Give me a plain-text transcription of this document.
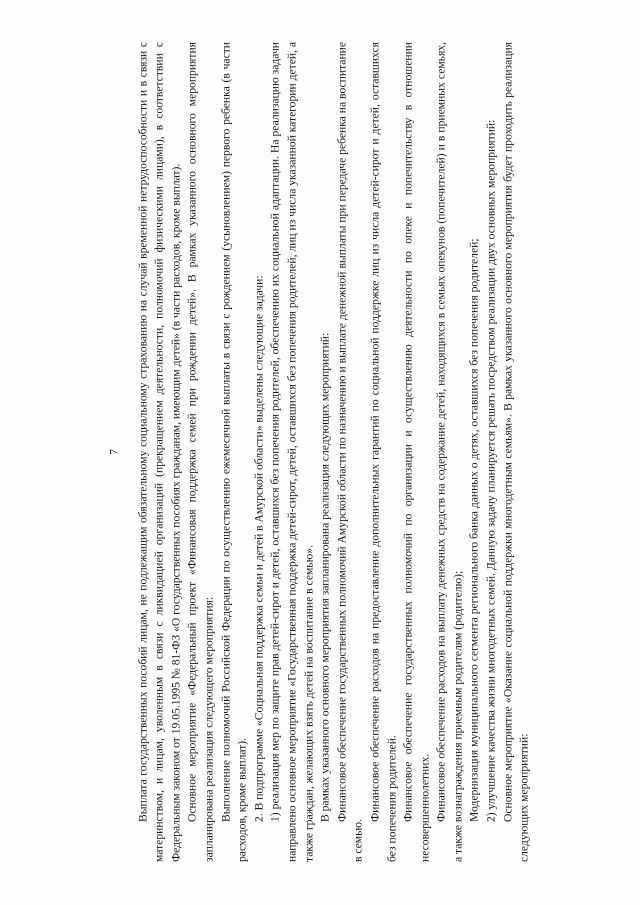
7 Выплата государственных пособий лицам, не подлежащим обязательному социальному страхованию на случай временной нетрудоспособности и в связи с материнством, и лицам, уволенным в связи с ликвидацией организаций (прекращением деятельности, полномочий физическими лицами), в соответствии с Федеральным законом от 19.05.1995 № 81-ФЗ «О государственных пособиях гражданам, имеющим детей» (в части расходов, кроме выплат). Основное мероприятие «Федеральный проект «Финансовая поддержка семей при рождении детей». В рамках указанного основного мероприятия запланирована реализация следующего мероприятия: Выполнение полномочий Российской Федерации по осуществлению ежемесячной выплаты в связи с рождением (усыновлением) первого ребенка (в части расходов, кроме выплат). 2. В подпрограмме «Социальная поддержка семьи и детей в Амурской области» выделены следующие задачи: 1) реализация мер по защите прав детей-сирот и детей, оставшихся без попечения родителей, обеспечению их социальной адаптации. На реализацию задачи направлено основное мероприятие «Государственная поддержка детей-сирот, детей, оставшихся без попечения родителей, лиц из числа указанной категории детей, а также граждан, желающих взять детей на воспитание в семью». В рамках указанного основного мероприятия запланирована реализация следующих мероприятий: Финансовое обеспечение государственных полномочий Амурской области по назначению и выплате денежной выплаты при передаче ребенка на воспитание в семью.

Финансовое обеспечение расходов на предоставление дополнительных гарантий по социальной поддержке лиц из числа детей-сирот и детей, оставшихся без попечения родителей. Финансовое обеспечение государственных полномочий по организации и осуществлению деятельности по опеке и попечительству в отношении несовершеннолетних. Финансовое обеспечение расходов на выплату денежных средств на содержание детей, находящихся в семьях опекунов (попечителей) и в приемных семьях, а также вознаграждения приемным родителям (родителю); Модернизация муниципального сегмента регионального банка данных о детях, оставшихся без попечения родителей; 2) улучшение качества жизни многодетных семей. Данную задачу планируется решать посредством реализации двух основных мероприятий: Основное мероприятие «Оказание социальной поддержки многодетным семьям». В рамках указанного основного мероприятия будет проходить реализация следующих мероприятий:
